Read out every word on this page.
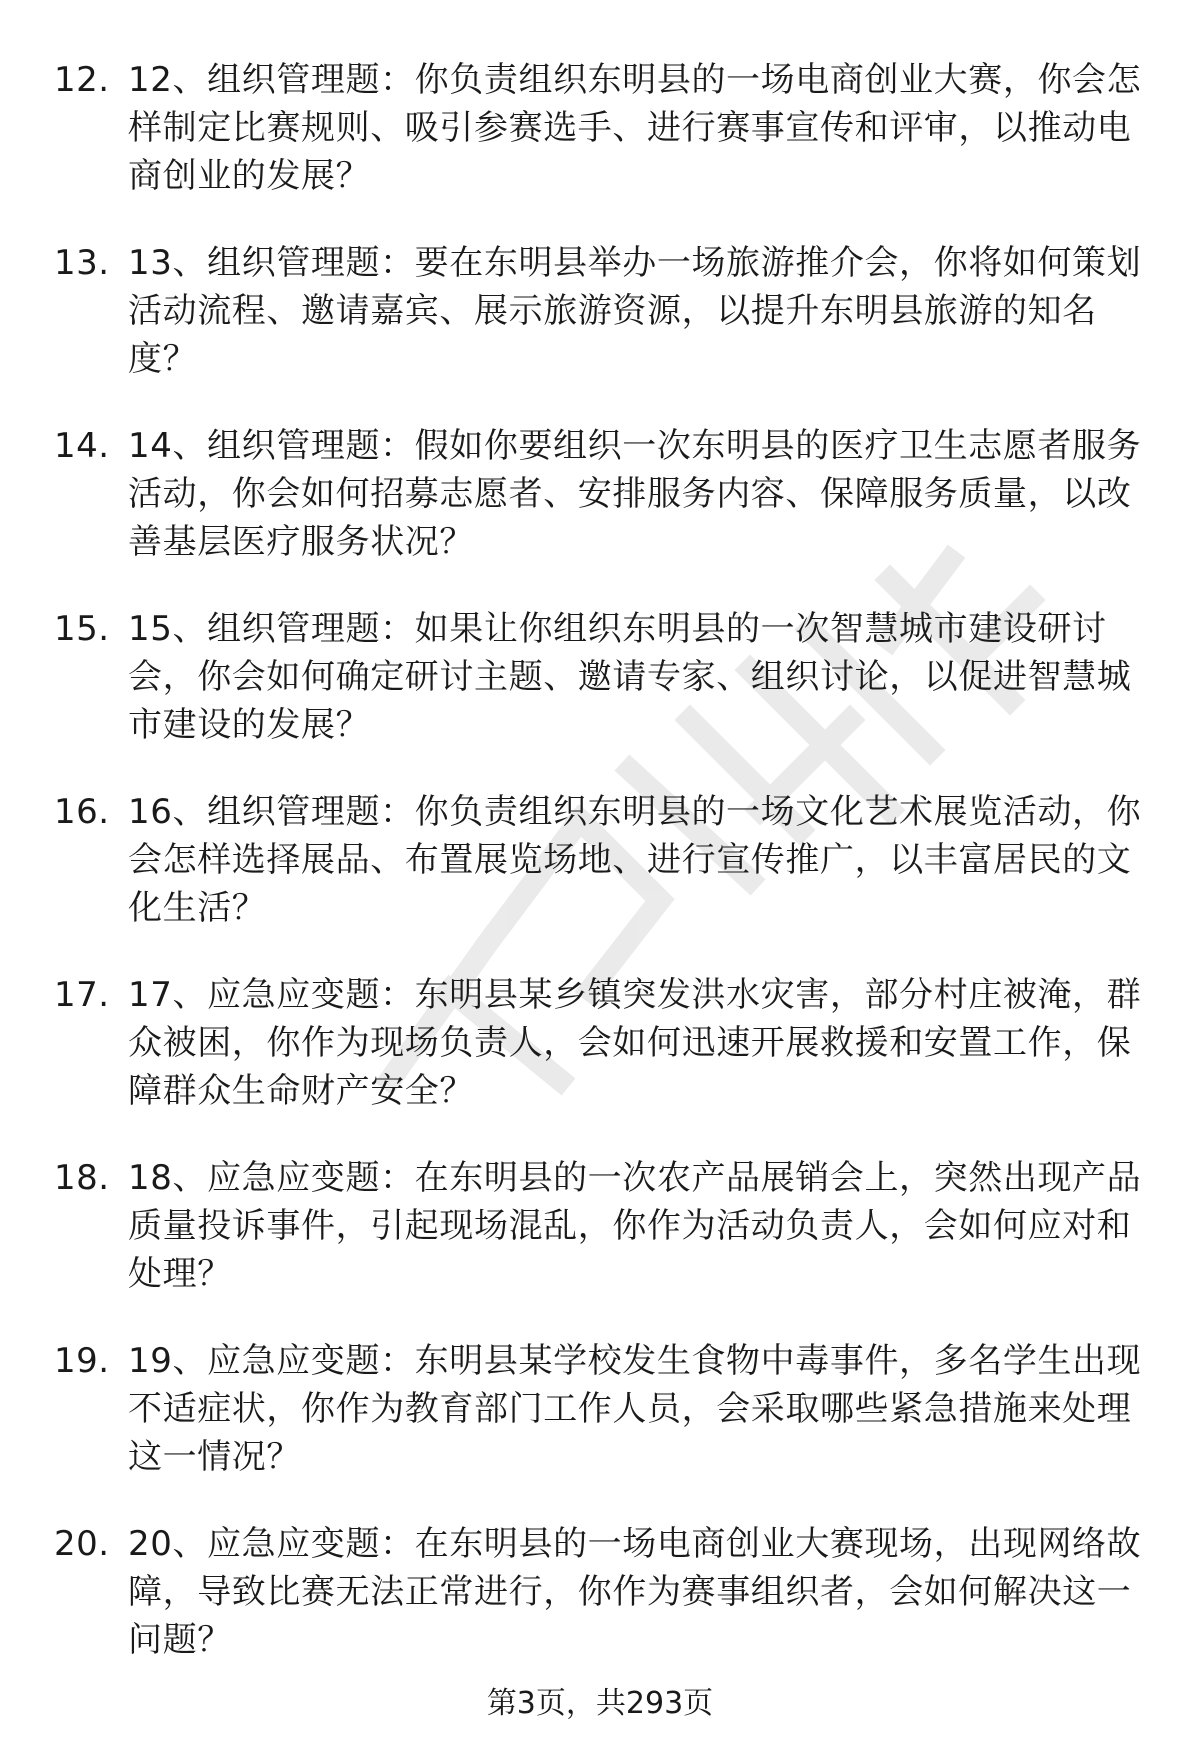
12. 12、组织管理题：你负责组织东明县的一场电商创业大赛，你会怎样制定比赛规则、吸引参赛选手、进行赛事宣传和评审，以推动电商创业的发展？
13. 13、组织管理题：要在东明县举办一场旅游推介会，你将如何策划活动流程、邀请嘉宾、展示旅游资源，以提升东明县旅游的知名度？
14. 14、组织管理题：假如你要组织一次东明县的医疗卫生志愿者服务活动，你会如何招募志愿者、安排服务内容、保障服务质量，以改善基层医疗服务状况？
15. 15、组织管理题：如果让你组织东明县的一次智慧城市建设研讨会，你会如何确定研讨主题、邀请专家、组织讨论，以促进智慧城市建设的发展？
16. 16、组织管理题：你负责组织东明县的一场文化艺术展览活动，你会怎样选择展品、布置展览场地、进行宣传推广，以丰富居民的文化生活？
17. 17、应急应变题：东明县某乡镇突发洪水灾害，部分村庄被淹，群众被困，你作为现场负责人，会如何迅速开展救援和安置工作，保障群众生命财产安全？
18. 18、应急应变题：在东明县的一次农产品展销会上，突然出现产品质量投诉事件，引起现场混乱，你作为活动负责人，会如何应对和处理？
19. 19、应急应变题：东明县某学校发生食物中毒事件，多名学生出现不适症状，你作为教育部门工作人员，会采取哪些紧急措施来处理这一情况？
20. 20、应急应变题：在东明县的一场电商创业大赛现场，出现网络故障，导致比赛无法正常进行，你作为赛事组织者，会如何解决这一问题？
第3页，共293页
